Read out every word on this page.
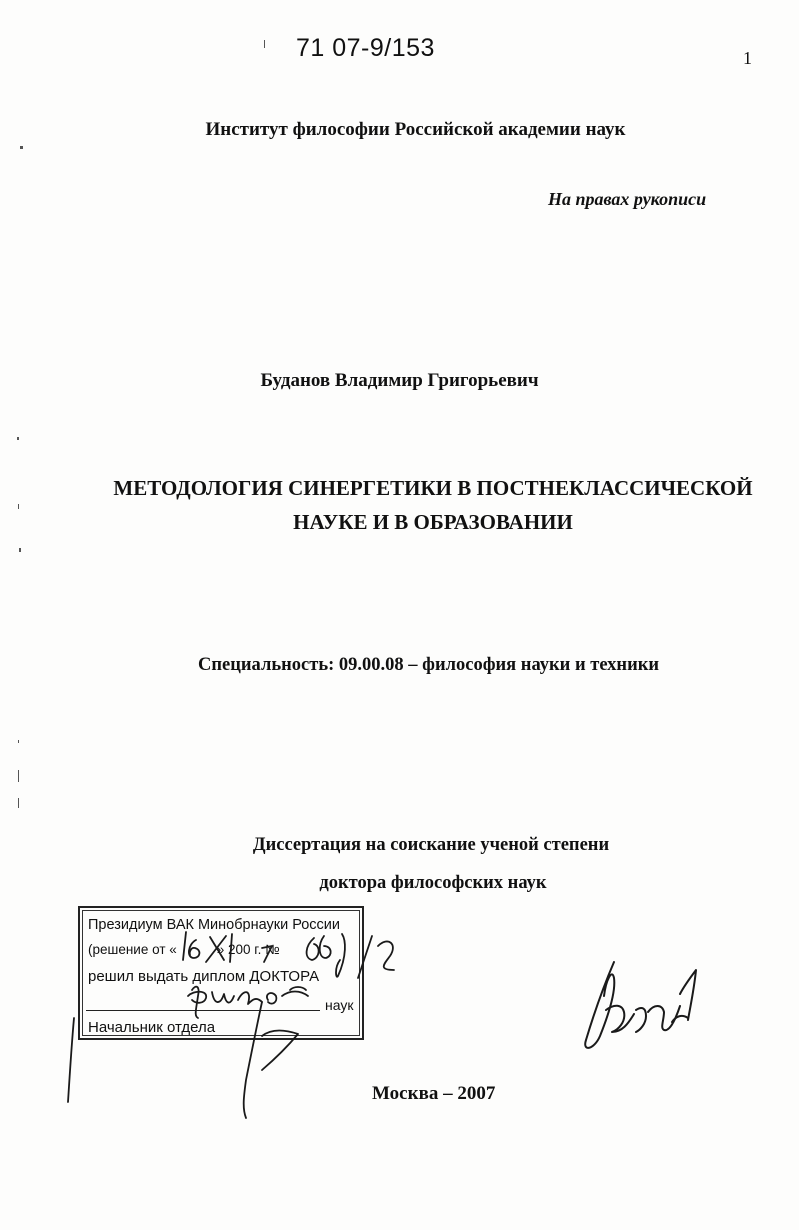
71 07-9/153	1
Институт философии Российской академии наук
На правах рукописи
Буданов Владимир Григорьевич
МЕТОДОЛОГИЯ СИНЕРГЕТИКИ В ПОСТНЕКЛАССИЧЕСКОЙ
НАУКЕ И В ОБРАЗОВАНИИ
Специальность: 09.00.08 – философия науки и техники
Диссертация на соискание ученой степени
доктора философских наук
Президиум ВАК Минобрнауки России
(решение от «	» 200 г. №
решил выдать диплом ДОКТОРА
наук
Начальник отдела
Москва – 2007
